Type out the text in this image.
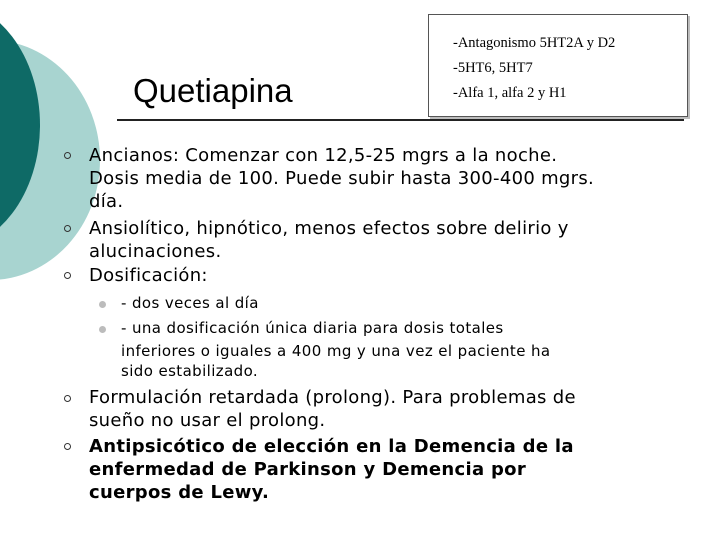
Quetiapina
-Antagonismo 5HT2A y D2
-5HT6, 5HT7
-Alfa 1, alfa 2 y H1
Ancianos: Comenzar con 12,5-25 mgrs a la noche.
Dosis media de 100. Puede subir hasta 300-400 mgrs.
día.
Ansiolítico, hipnótico, menos efectos sobre delirio y
alucinaciones.
Dosificación:
- dos veces al día
- una dosificación única diaria para dosis totales
inferiores o iguales a 400 mg y una vez el paciente ha
sido estabilizado.
Formulación retardada (prolong). Para problemas de
sueño no usar el prolong.
Antipsicótico de elección en la Demencia de la
enfermedad de Parkinson y Demencia por
cuerpos de Lewy.
